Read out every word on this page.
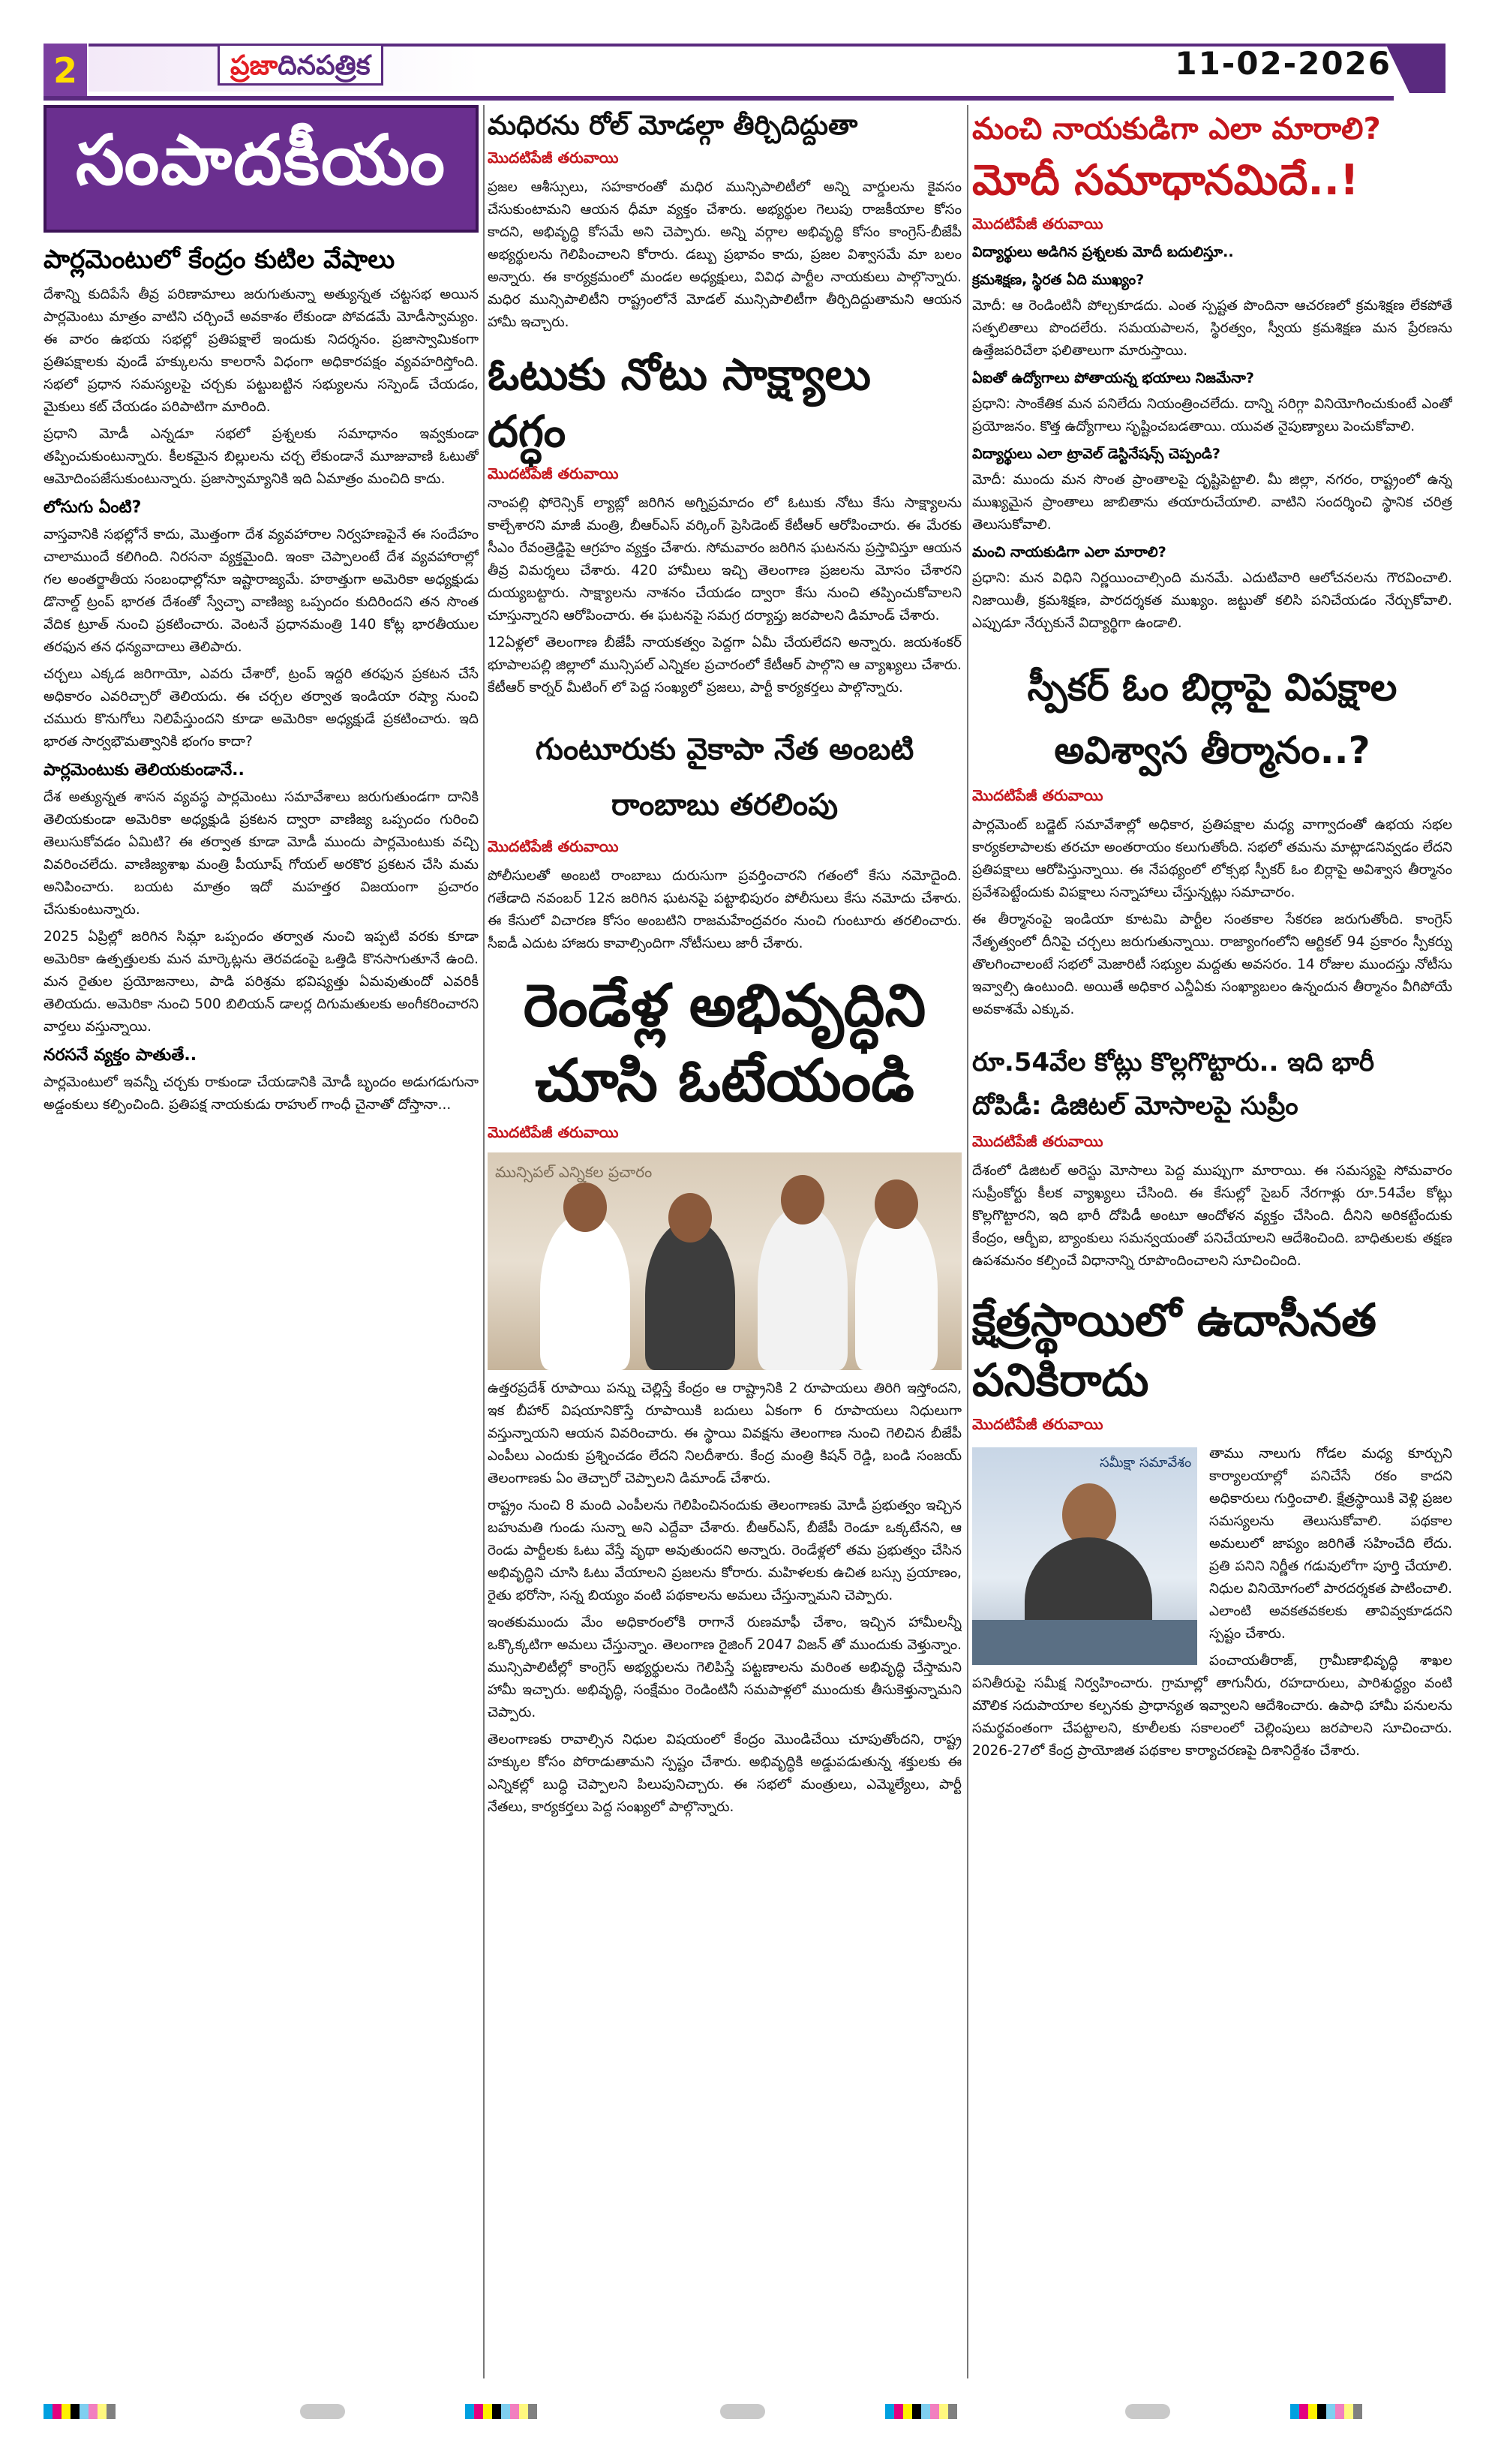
2	ప్రజాదినపత్రిక	11-02-2026
సంపాదకీయం
పార్లమెంటులో కేంద్రం కుటిల వేషాలు

దేశాన్ని కుదిపేసే తీవ్ర పరిణామాలు జరుగుతున్నా అత్యున్నత చట్టసభ అయిన పార్లమెంటు మాత్రం వాటిని చర్చించే అవకాశం లేకుండా పోవడమే మోడీస్వామ్యం. ఈ వారం ఉభయ సభల్లో ప్రతిపక్షాలే ఇందుకు నిదర్శనం. ప్రజాస్వామికంగా ప్రతిపక్షాలకు వుండే హక్కులను కాలరాసే విధంగా అధికారపక్షం వ్యవహరిస్తోంది. సభలో ప్రధాన సమస్యలపై చర్చకు పట్టుబట్టిన సభ్యులను సస్పెండ్ చేయడం, మైకులు కట్ చేయడం పరిపాటిగా మారింది.

ప్రధాని మోడీ ఎన్నడూ సభలో ప్రశ్నలకు సమాధానం ఇవ్వకుండా తప్పించుకుంటున్నారు. కీలకమైన బిల్లులను చర్చ లేకుండానే మూజువాణి ఓటుతో ఆమోదింపజేసుకుంటున్నారు. ప్రజాస్వామ్యానికి ఇది ఏమాత్రం మంచిది కాదు.

లోసుగు ఏంటి?

వాస్తవానికి సభల్లోనే కాదు, మొత్తంగా దేశ వ్యవహారాల నిర్వహణపైనే ఈ సందేహం చాలాముందే కలిగింది. నిరసనా వ్యక్తమైంది. ఇంకా చెప్పాలంటే దేశ వ్యవహారాల్లో గల అంతర్జాతీయ సంబంధాల్లోనూ ఇష్టారాజ్యమే. హఠాత్తుగా అమెరికా అధ్యక్షుడు డొనాల్డ్ ట్రంప్ భారత దేశంతో స్వేచ్ఛా వాణిజ్య ఒప్పందం కుదిరిందని తన సొంత వేదిక ట్రూత్ నుంచి ప్రకటించారు. వెంటనే ప్రధానమంత్రి 140 కోట్ల భారతీయుల తరఫున తన ధన్యవాదాలు తెలిపారు.

చర్చలు ఎక్కడ జరిగాయో, ఎవరు చేశారో, ట్రంప్ ఇద్దరి తరఫున ప్రకటన చేసే అధికారం ఎవరిచ్చారో తెలియదు. ఈ చర్చల తర్వాత ఇండియా రష్యా నుంచి చమురు కొనుగోలు నిలిపేస్తుందని కూడా అమెరికా అధ్యక్షుడే ప్రకటించారు. ఇది భారత సార్వభౌమత్వానికి భంగం కాదా?

పార్లమెంటుకు తెలియకుండానే..

దేశ అత్యున్నత శాసన వ్యవస్థ పార్లమెంటు సమావేశాలు జరుగుతుండగా దానికి తెలియకుండా అమెరికా అధ్యక్షుడి ప్రకటన ద్వారా వాణిజ్య ఒప్పందం గురించి తెలుసుకోవడం ఏమిటి? ఈ తర్వాత కూడా మోడీ ముందు పార్లమెంటుకు వచ్చి వివరించలేదు. వాణిజ్యశాఖ మంత్రి పీయూష్ గోయల్ అరకొర ప్రకటన చేసి మమ అనిపించారు. బయట మాత్రం ఇదో మహత్తర విజయంగా ప్రచారం చేసుకుంటున్నారు.

2025 ఏప్రిల్లో జరిగిన సిమ్లా ఒప్పందం తర్వాత నుంచి ఇప్పటి వరకు కూడా అమెరికా ఉత్పత్తులకు మన మార్కెట్లను తెరవడంపై ఒత్తిడి కొనసాగుతూనే ఉంది. మన రైతుల ప్రయోజనాలు, పాడి పరిశ్రమ భవిష్యత్తు ఏమవుతుందో ఎవరికీ తెలియదు. అమెరికా నుంచి 500 బిలియన్ డాలర్ల దిగుమతులకు అంగీకరించారని వార్తలు వస్తున్నాయి.

నరసనే వ్యక్తం పాతుతే..

పార్లమెంటులో ఇవన్నీ చర్చకు రాకుండా చేయడానికి మోడీ బృందం అడుగడుగునా అడ్డంకులు కల్పించింది. ప్రతిపక్ష నాయకుడు రాహుల్ గాంధీ చైనాతో దోస్తానా...

మధిరను రోల్ మోడల్గా తీర్చిదిద్దుతా
మొదటిపేజీ తరువాయి

ప్రజల ఆశీస్సులు, సహకారంతో మధిర మున్సిపాలిటీలో అన్ని వార్డులను కైవసం చేసుకుంటామని ఆయన ధీమా వ్యక్తం చేశారు. అభ్యర్థుల గెలుపు రాజకీయాల కోసం కాదని, అభివృద్ధి కోసమే అని చెప్పారు. అన్ని వర్గాల అభివృద్ధి కోసం కాంగ్రెస్-బీజేపీ అభ్యర్థులను గెలిపించాలని కోరారు. డబ్బు ప్రభావం కాదు, ప్రజల విశ్వాసమే మా బలం అన్నారు. ఈ కార్యక్రమంలో మండల అధ్యక్షులు, వివిధ పార్టీల నాయకులు పాల్గొన్నారు. మధిర మున్సిపాలిటీని రాష్ట్రంలోనే మోడల్ మున్సిపాలిటీగా తీర్చిదిద్దుతామని ఆయన హామీ ఇచ్చారు.

ఓటుకు నోటు సాక్ష్యాలు దగ్ధం
మొదటిపేజీ తరువాయి

నాంపల్లి ఫోరెన్సిక్ ల్యాబ్లో జరిగిన అగ్నిప్రమాదం లో ఓటుకు నోటు కేసు సాక్ష్యాలను కాల్చేశారని మాజీ మంత్రి, బీఆర్ఎస్ వర్కింగ్ ప్రెసిడెంట్ కేటీఆర్ ఆరోపించారు. ఈ మేరకు సీఎం రేవంత్రెడ్డిపై ఆగ్రహం వ్యక్తం చేశారు. సోమవారం జరిగిన ఘటనను ప్రస్తావిస్తూ ఆయన తీవ్ర విమర్శలు చేశారు. 420 హామీలు ఇచ్చి తెలంగాణ ప్రజలను మోసం చేశారని దుయ్యబట్టారు. సాక్ష్యాలను నాశనం చేయడం ద్వారా కేసు నుంచి తప్పించుకోవాలని చూస్తున్నారని ఆరోపించారు. ఈ ఘటనపై సమగ్ర దర్యాప్తు జరపాలని డిమాండ్ చేశారు.

12ఏళ్లలో తెలంగాణ బీజేపీ నాయకత్వం పెద్దగా ఏమీ చేయలేదని అన్నారు. జయశంకర్ భూపాలపల్లి జిల్లాలో మున్సిపల్ ఎన్నికల ప్రచారంలో కేటీఆర్ పాల్గొని ఆ వ్యాఖ్యలు చేశారు. కేటీఆర్ కార్నర్ మీటింగ్ లో పెద్ద సంఖ్యలో ప్రజలు, పార్టీ కార్యకర్తలు పాల్గొన్నారు.

గుంటూరుకు వైకాపా నేత అంబటి రాంబాబు తరలింపు
మొదటిపేజీ తరువాయి

పోలీసులతో అంబటి రాంబాబు దురుసుగా ప్రవర్తించారని గతంలో కేసు నమోదైంది. గతేడాది నవంబర్ 12న జరిగిన ఘటనపై పట్టాభిపురం పోలీసులు కేసు నమోదు చేశారు. ఈ కేసులో విచారణ కోసం అంబటిని రాజమహేంద్రవరం నుంచి గుంటూరు తరలించారు. సీఐడీ ఎదుట హాజరు కావాల్సిందిగా నోటీసులు జారీ చేశారు.

రెండేళ్ల అభివృద్ధిని చూసి ఓటేయండి
మొదటిపేజీ తరువాయి
మున్సిపల్ ఎన్నికల ప్రచారం

ఉత్తరప్రదేశ్ రూపాయి పన్ను చెల్లిస్తే కేంద్రం ఆ రాష్ట్రానికి 2 రూపాయలు తిరిగి ఇస్తోందని, ఇక బీహార్ విషయానికొస్తే రూపాయికి బదులు ఏకంగా 6 రూపాయలు నిధులుగా వస్తున్నాయని ఆయన వివరించారు. ఈ స్థాయి వివక్షను తెలంగాణ నుంచి గెలిచిన బీజేపీ ఎంపీలు ఎందుకు ప్రశ్నించడం లేదని నిలదీశారు. కేంద్ర మంత్రి కిషన్ రెడ్డి, బండి సంజయ్ తెలంగాణకు ఏం తెచ్చారో చెప్పాలని డిమాండ్ చేశారు.

రాష్ట్రం నుంచి 8 మంది ఎంపీలను గెలిపించినందుకు తెలంగాణకు మోడీ ప్రభుత్వం ఇచ్చిన బహుమతి గుండు సున్నా అని ఎద్దేవా చేశారు. బీఆర్ఎస్, బీజేపీ రెండూ ఒక్కటేనని, ఆ రెండు పార్టీలకు ఓటు వేస్తే వృథా అవుతుందని అన్నారు. రెండేళ్లలో తమ ప్రభుత్వం చేసిన అభివృద్ధిని చూసి ఓటు వేయాలని ప్రజలను కోరారు. మహిళలకు ఉచిత బస్సు ప్రయాణం, రైతు భరోసా, సన్న బియ్యం వంటి పథకాలను అమలు చేస్తున్నామని చెప్పారు.

ఇంతకుముందు మేం అధికారంలోకి రాగానే రుణమాఫీ చేశాం, ఇచ్చిన హామీలన్నీ ఒక్కొక్కటిగా అమలు చేస్తున్నాం. తెలంగాణ రైజింగ్ 2047 విజన్ తో ముందుకు వెళ్తున్నాం. మున్సిపాలిటీల్లో కాంగ్రెస్ అభ్యర్థులను గెలిపిస్తే పట్టణాలను మరింత అభివృద్ధి చేస్తామని హామీ ఇచ్చారు. అభివృద్ధి, సంక్షేమం రెండింటినీ సమపాళ్లలో ముందుకు తీసుకెళ్తున్నామని చెప్పారు.

తెలంగాణకు రావాల్సిన నిధుల విషయంలో కేంద్రం మొండిచేయి చూపుతోందని, రాష్ట్ర హక్కుల కోసం పోరాడుతామని స్పష్టం చేశారు. అభివృద్ధికి అడ్డుపడుతున్న శక్తులకు ఈ ఎన్నికల్లో బుద్ధి చెప్పాలని పిలుపునిచ్చారు. ఈ సభలో మంత్రులు, ఎమ్మెల్యేలు, పార్టీ నేతలు, కార్యకర్తలు పెద్ద సంఖ్యలో పాల్గొన్నారు.

మంచి నాయకుడిగా ఎలా మారాలి?
మోదీ సమాధానమిదే..!
మొదటిపేజీ తరువాయి
విద్యార్థులు అడిగిన ప్రశ్నలకు మోదీ బదులిస్తూ..
క్రమశిక్షణ, స్థిరత ఏది ముఖ్యం?

మోదీ: ఆ రెండింటినీ పోల్చకూడదు. ఎంత స్పష్టత పొందినా ఆచరణలో క్రమశిక్షణ లేకపోతే సత్ఫలితాలు పొందలేరు. సమయపాలన, స్థిరత్వం, స్వీయ క్రమశిక్షణ మన ప్రేరణను ఉత్తేజపరిచేలా ఫలితాలుగా మారుస్తాయి.

ఏఐతో ఉద్యోగాలు పోతాయన్న భయాలు నిజమేనా?

ప్రధాని: సాంకేతిక మన పనిలేదు నియంత్రించలేదు. దాన్ని సరిగ్గా వినియోగించుకుంటే ఎంతో ప్రయోజనం. కొత్త ఉద్యోగాలు సృష్టించబడతాయి. యువత నైపుణ్యాలు పెంచుకోవాలి.

విద్యార్థులు ఎలా ట్రావెల్ డెస్టినేషన్స్ చెప్పండి?

మోదీ: ముందు మన సొంత ప్రాంతాలపై దృష్టిపెట్టాలి. మీ జిల్లా, నగరం, రాష్ట్రంలో ఉన్న ముఖ్యమైన ప్రాంతాలు జాబితాను తయారుచేయాలి. వాటిని సందర్శించి స్థానిక చరిత్ర తెలుసుకోవాలి.

మంచి నాయకుడిగా ఎలా మారాలి?

ప్రధాని: మన విధిని నిర్ణయించాల్సింది మనమే. ఎదుటివారి ఆలోచనలను గౌరవించాలి. నిజాయితీ, క్రమశిక్షణ, పారదర్శకత ముఖ్యం. జట్టుతో కలిసి పనిచేయడం నేర్చుకోవాలి. ఎప్పుడూ నేర్చుకునే విద్యార్థిగా ఉండాలి.

స్పీకర్ ఓం బిర్లాపై విపక్షాల అవిశ్వాస తీర్మానం..?
మొదటిపేజీ తరువాయి

పార్లమెంట్ బడ్జెట్ సమావేశాల్లో అధికార, ప్రతిపక్షాల మధ్య వాగ్వాదంతో ఉభయ సభల కార్యకలాపాలకు తరచూ అంతరాయం కలుగుతోంది. సభలో తమను మాట్లాడనివ్వడం లేదని ప్రతిపక్షాలు ఆరోపిస్తున్నాయి. ఈ నేపథ్యంలో లోక్సభ స్పీకర్ ఓం బిర్లాపై అవిశ్వాస తీర్మానం ప్రవేశపెట్టేందుకు విపక్షాలు సన్నాహాలు చేస్తున్నట్లు సమాచారం.

ఈ తీర్మానంపై ఇండియా కూటమి పార్టీల సంతకాల సేకరణ జరుగుతోంది. కాంగ్రెస్ నేతృత్వంలో దీనిపై చర్చలు జరుగుతున్నాయి. రాజ్యాంగంలోని ఆర్టికల్ 94 ప్రకారం స్పీకర్ను తొలగించాలంటే సభలో మెజారిటీ సభ్యుల మద్దతు అవసరం. 14 రోజుల ముందస్తు నోటీసు ఇవ్వాల్సి ఉంటుంది. అయితే అధికార ఎన్డీఏకు సంఖ్యాబలం ఉన్నందున తీర్మానం వీగిపోయే అవకాశమే ఎక్కువ.

రూ.54వేల కోట్లు కొల్లగొట్టారు.. ఇది భారీ దోపిడీ: డిజిటల్ మోసాలపై సుప్రీం
మొదటిపేజీ తరువాయి

దేశంలో డిజిటల్ అరెస్టు మోసాలు పెద్ద ముప్పుగా మారాయి. ఈ సమస్యపై సోమవారం సుప్రీంకోర్టు కీలక వ్యాఖ్యలు చేసింది. ఈ కేసుల్లో సైబర్ నేరగాళ్లు రూ.54వేల కోట్లు కొల్లగొట్టారని, ఇది భారీ దోపిడీ అంటూ ఆందోళన వ్యక్తం చేసింది. దీనిని అరికట్టేందుకు కేంద్రం, ఆర్బీఐ, బ్యాంకులు సమన్వయంతో పనిచేయాలని ఆదేశించింది. బాధితులకు తక్షణ ఉపశమనం కల్పించే విధానాన్ని రూపొందించాలని సూచించింది.

క్షేత్రస్థాయిలో ఉదాసీనత పనికిరాదు
మొదటిపేజీ తరువాయి
సమీక్షా సమావేశం

తాము నాలుగు గోడల మధ్య కూర్చుని కార్యాలయాల్లో పనిచేసే రకం కాదని అధికారులు గుర్తించాలి. క్షేత్రస్థాయికి వెళ్లి ప్రజల సమస్యలను తెలుసుకోవాలి. పథకాల అమలులో జాప్యం జరిగితే సహించేది లేదు. ప్రతి పనిని నిర్ణీత గడువులోగా పూర్తి చేయాలి. నిధుల వినియోగంలో పారదర్శకత పాటించాలి. ఎలాంటి అవకతవకలకు తావివ్వకూడదని స్పష్టం చేశారు.

పంచాయతీరాజ్, గ్రామీణాభివృద్ధి శాఖల పనితీరుపై సమీక్ష నిర్వహించారు. గ్రామాల్లో తాగునీరు, రహదారులు, పారిశుద్ధ్యం వంటి మౌలిక సదుపాయాల కల్పనకు ప్రాధాన్యత ఇవ్వాలని ఆదేశించారు. ఉపాధి హామీ పనులను సమర్థవంతంగా చేపట్టాలని, కూలీలకు సకాలంలో చెల్లింపులు జరపాలని సూచించారు. 2026-27లో కేంద్ర ప్రాయోజిత పథకాల కార్యాచరణపై దిశానిర్దేశం చేశారు.
